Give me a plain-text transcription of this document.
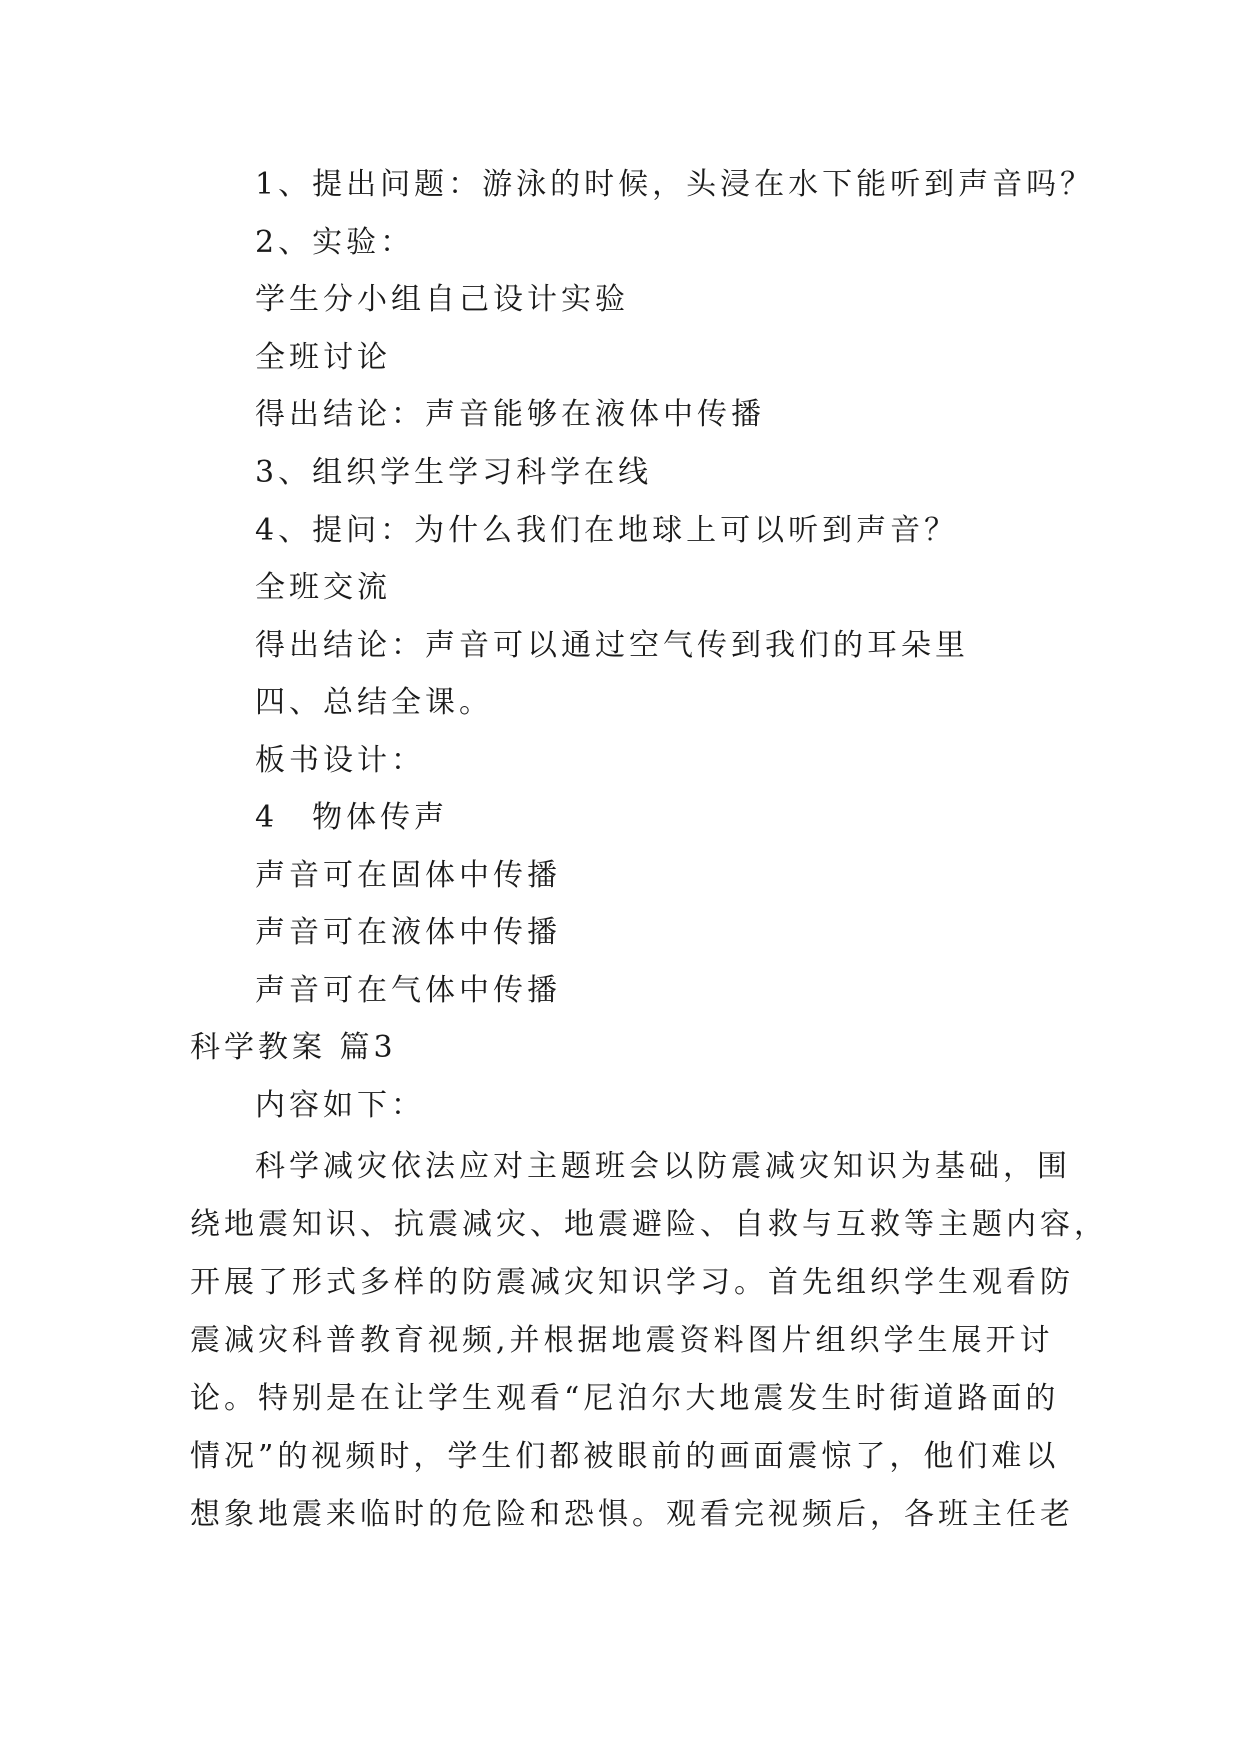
1、提出问题：游泳的时候，头浸在水下能听到声音吗？
2、实验：
学生分小组自己设计实验
全班讨论
得出结论：声音能够在液体中传播
3、组织学生学习科学在线
4、提问：为什么我们在地球上可以听到声音？
全班交流
得出结论：声音可以通过空气传到我们的耳朵里
四、总结全课。
板书设计：
4　物体传声
声音可在固体中传播
声音可在液体中传播
声音可在气体中传播
科学教案 篇3
内容如下：
科学减灾依法应对主题班会以防震减灾知识为基础，围
绕地震知识、抗震减灾、地震避险、自救与互救等主题内容，
开展了形式多样的防震减灾知识学习。首先组织学生观看防
震减灾科普教育视频,并根据地震资料图片组织学生展开讨
论。特别是在让学生观看“尼泊尔大地震发生时街道路面的
情况”的视频时，学生们都被眼前的画面震惊了，他们难以
想象地震来临时的危险和恐惧。观看完视频后，各班主任老
